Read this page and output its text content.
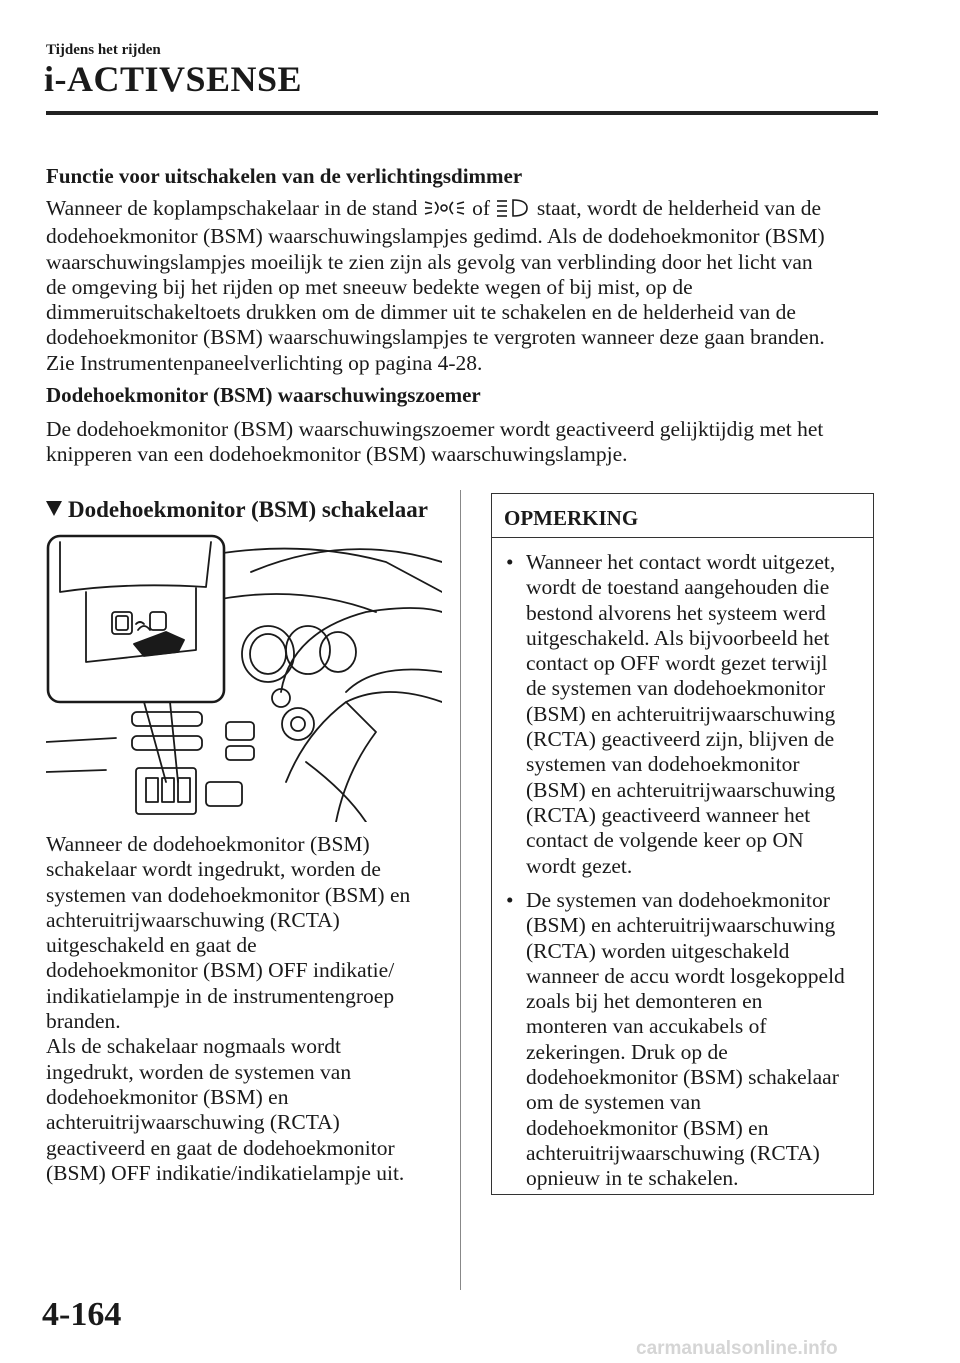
Tijdens het rijden
i-ACTIVSENSE
Functie voor uitschakelen van de verlichtingsdimmer
Wanneer de koplampschakelaar in de stand	of staat, wordt de helderheid van de
dodehoekmonitor (BSM) waarschuwingslampjes gedimd. Als de dodehoekmonitor (BSM)
waarschuwingslampjes moeilijk te zien zijn als gevolg van verblinding door het licht van
de omgeving bij het rijden op met sneeuw bedekte wegen of bij mist, op de
dimmeruitschakeltoets drukken om de dimmer uit te schakelen en de helderheid van de
dodehoekmonitor (BSM) waarschuwingslampjes te vergroten wanneer deze gaan branden.
Zie Instrumentenpaneelverlichting op pagina 4-28.
Dodehoekmonitor (BSM) waarschuwingszoemer
De dodehoekmonitor (BSM) waarschuwingszoemer wordt geactiveerd gelijktijdig met het
knipperen van een dodehoekmonitor (BSM) waarschuwingslampje.
Dodehoekmonitor (BSM) schakelaar
Wanneer de dodehoekmonitor (BSM)
schakelaar wordt ingedrukt, worden de
systemen van dodehoekmonitor (BSM) en
achteruitrijwaarschuwing (RCTA)
uitgeschakeld en gaat de
dodehoekmonitor (BSM) OFF indikatie/
indikatielampje in de instrumentengroep
branden.
Als de schakelaar nogmaals wordt
ingedrukt, worden de systemen van
dodehoekmonitor (BSM) en
achteruitrijwaarschuwing (RCTA)
geactiveerd en gaat de dodehoekmonitor
(BSM) OFF indikatie/indikatielampje uit.
OPMERKING
• Wanneer het contact wordt uitgezet,
wordt de toestand aangehouden die
bestond alvorens het systeem werd
uitgeschakeld. Als bijvoorbeeld het
contact op OFF wordt gezet terwijl
de systemen van dodehoekmonitor
(BSM) en achteruitrijwaarschuwing
(RCTA) geactiveerd zijn, blijven de
systemen van dodehoekmonitor
(BSM) en achteruitrijwaarschuwing
(RCTA) geactiveerd wanneer het
contact de volgende keer op ON
wordt gezet.
• De systemen van dodehoekmonitor
(BSM) en achteruitrijwaarschuwing
(RCTA) worden uitgeschakeld
wanneer de accu wordt losgekoppeld
zoals bij het demonteren en
monteren van accukabels of
zekeringen. Druk op de
dodehoekmonitor (BSM) schakelaar
om de systemen van
dodehoekmonitor (BSM) en
achteruitrijwaarschuwing (RCTA)
opnieuw in te schakelen.
4-164
carmanualsonline.info
